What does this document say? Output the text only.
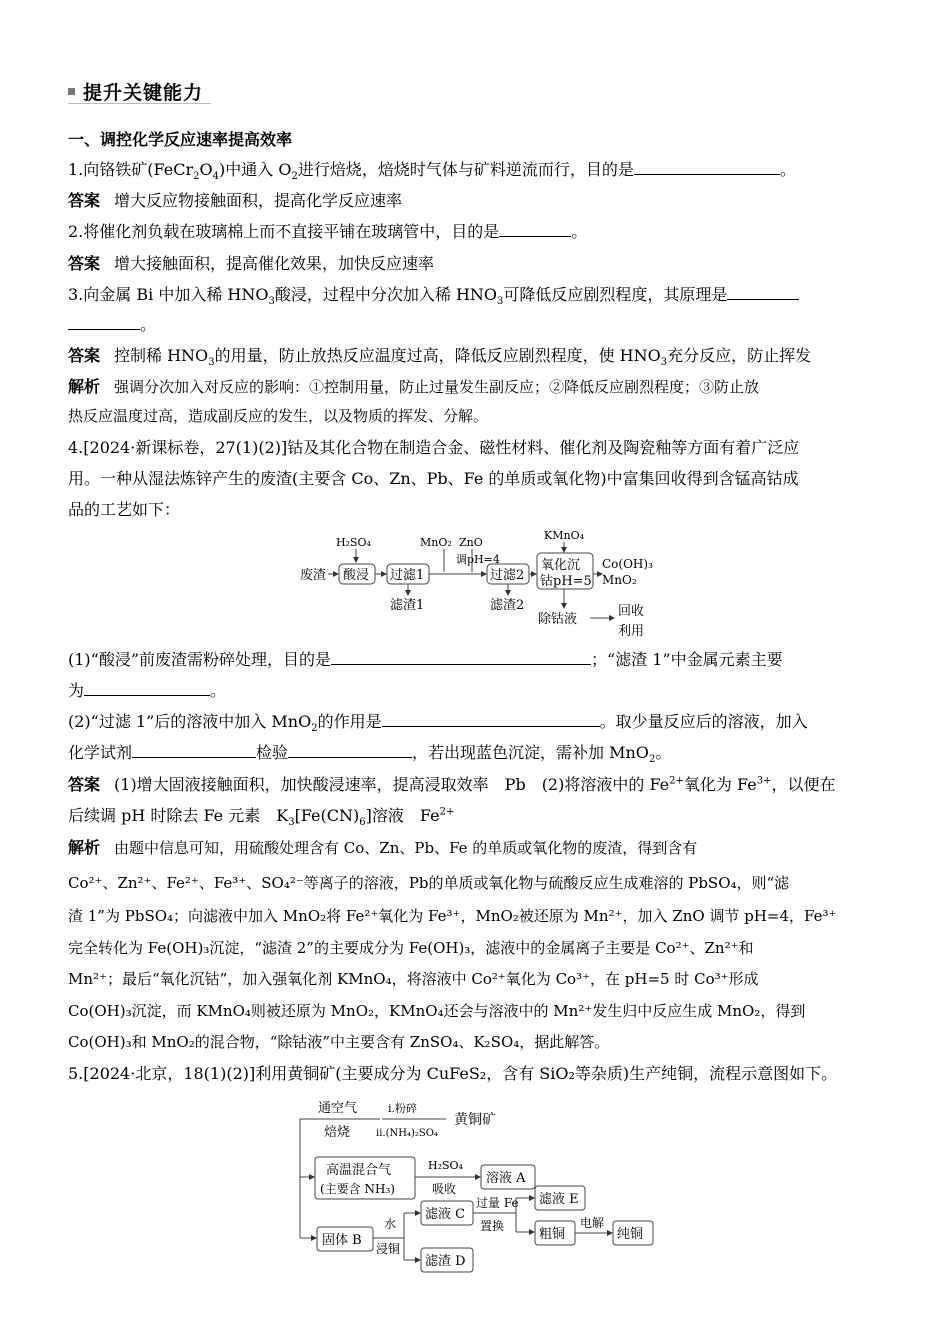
提升关键能力
一、调控化学反应速率提高效率
1.向铬铁矿$(FeCr_2O_4)$中通入 $O_2$进行焙烧，焙烧时气体与矿料逆流而行，目的是	。
答案 增大反应物接触面积，提高化学反应速率
2.将催化剂负载在玻璃棉上而不直接平铺在玻璃管中，目的是	。
答案 增大接触面积，提高催化效果，加快反应速率
3.向金属 Bi 中加入稀 $HNO_3$酸浸，过程中分次加入稀 $HNO_3$可降低反应剧烈程度，其原理是
。
答案 控制稀 $HNO_3$的用量，防止放热反应温度过高，降低反应剧烈程度，使 $HNO_3$充分反应，防止挥发
解析 强调分次加入对反应的影响：①控制用量，防止过量发生副反应；②降低反应剧烈程度；③防止放
热反应温度过高，造成副反应的发生，以及物质的挥发、分解。
4.[2024·新课标卷，27(1)(2)]钴及其化合物在制造合金、磁性材料、催化剂及陶瓷釉等方面有着广泛应
用。一种从湿法炼锌产生的废渣(主要含 Co、Zn、Pb、Fe 的单质或氧化物)中富集回收得到含锰高钴成
品的工艺如下：
废渣
H₂SO₄
酸浸 过滤1
滤渣1
MnO₂ ZnO
调pH=4
过滤2
滤渣2
KMnO₄
氧化沉
钴pH=5
Co(OH)₃
MnO₂
除钴液
回收
利用
(1)“酸浸”前废渣需粉碎处理，目的是	；“滤渣 1”中金属元素主要
为	。
(2)“过滤 1”后的溶液中加入 MnO$_2$的作用是	。取少量反应后的溶液，加入
化学试剂	检验	，若出现蓝色沉淀，需补加 MnO$_2$。
答案 (1)增大固液接触面积，加快酸浸速率，提高浸取效率　Pb　(2)将溶液中的 $Fe^{2+}$氧化为 $Fe^{3+}$，以便在
后续调 pH 时除去 Fe 元素　$K_3[Fe(CN)_6]$溶液　$Fe^{2+}$
解析 由题中信息可知，用硫酸处理含有 Co、Zn、Pb、Fe 的单质或氧化物的废渣，得到含有
Co²⁺、Zn²⁺、Fe²⁺、Fe³⁺、SO₄²⁻等离子的溶液，Pb的单质或氧化物与硫酸反应生成难溶的 PbSO₄，则“滤
渣 1”为 PbSO₄；向滤液中加入 MnO₂将 Fe²⁺氧化为 Fe³⁺，MnO₂被还原为 Mn²⁺，加入 ZnO 调节 pH=4，Fe³⁺
完全转化为 Fe(OH)₃沉淀，“滤渣 2”的主要成分为 Fe(OH)₃，滤液中的金属离子主要是 Co²⁺、Zn²⁺和
Mn²⁺；最后“氧化沉钴”，加入强氧化剂 KMnO₄，将溶液中 Co²⁺氧化为 Co³⁺，在 pH=5 时 Co³⁺形成
Co(OH)₃沉淀，而 KMnO₄则被还原为 MnO₂，KMnO₄还会与溶液中的 Mn²⁺发生归中反应生成 MnO₂，得到
Co(OH)₃和 MnO₂的混合物，“除钴液”中主要含有 ZnSO₄、K₂SO₄，据此解答。
5.[2024·北京，18(1)(2)]利用黄铜矿(主要成分为 CuFeS₂，含有 SiO₂等杂质)生产纯铜，流程示意图如下。
通空气
焙烧
ⅰ.粉碎
ⅱ.(NH₄)₂SO₄
黄铜矿
高温混合气
(主要含 NH₃)
H₂SO₄
吸收
溶液 A
固体 B
水
浸铜
滤液 C
滤渣 D
过量 Fe
置换
滤液 E
粗铜
电解
纯铜
